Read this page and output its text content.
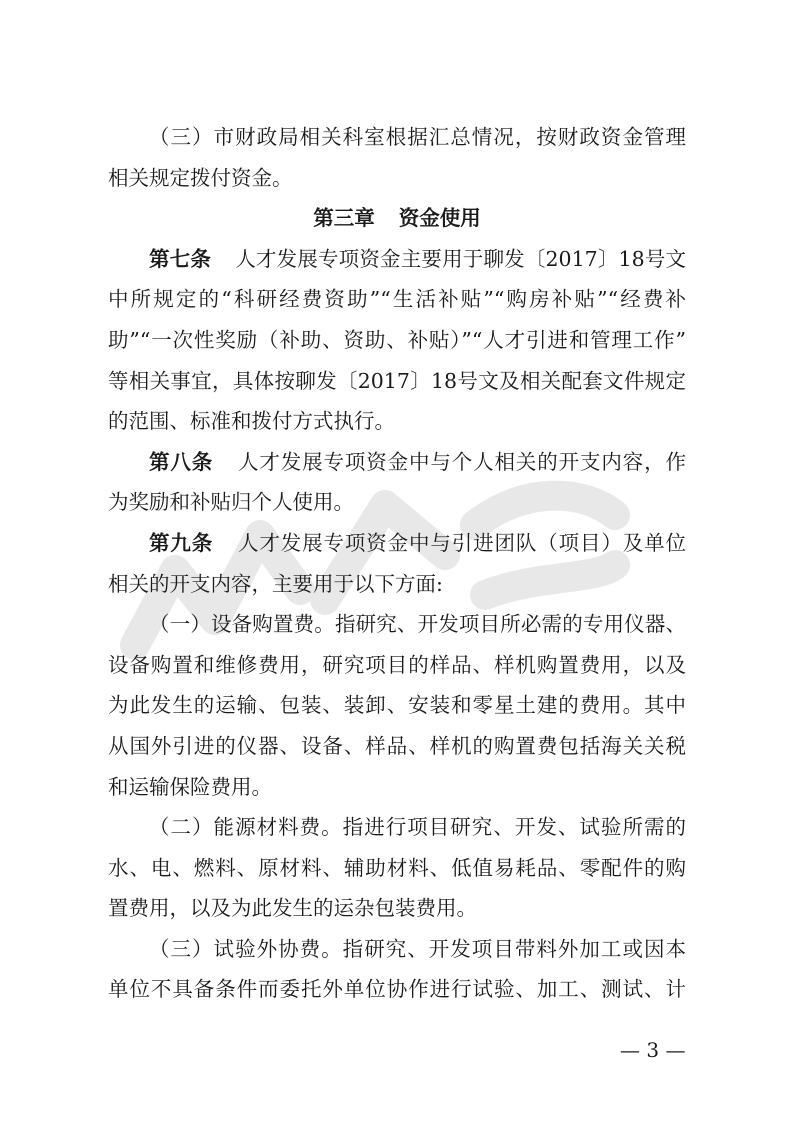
（三）市财政局相关科室根据汇总情况，按财政资金管理
相关规定拨付资金。
第三章 资金使用
第七条 人才发展专项资金主要用于聊发〔2017〕18号文
中所规定的“科研经费资助”“生活补贴”“购房补贴”“经费补
助”“一次性奖励（补助、资助、补贴）”“人才引进和管理工作”
等相关事宜，具体按聊发〔2017〕18号文及相关配套文件规定
的范围、标准和拨付方式执行。
第八条 人才发展专项资金中与个人相关的开支内容，作
为奖励和补贴归个人使用。
第九条 人才发展专项资金中与引进团队（项目）及单位
相关的开支内容，主要用于以下方面:
（一）设备购置费。指研究、开发项目所必需的专用仪器、
设备购置和维修费用，研究项目的样品、样机购置费用，以及
为此发生的运输、包装、装卸、安装和零星土建的费用。其中
从国外引进的仪器、设备、样品、样机的购置费包括海关关税
和运输保险费用。
（二）能源材料费。指进行项目研究、开发、试验所需的
水、电、燃料、原材料、辅助材料、低值易耗品、零配件的购
置费用，以及为此发生的运杂包装费用。
（三）试验外协费。指研究、开发项目带料外加工或因本
单位不具备条件而委托外单位协作进行试验、加工、测试、计
— 3 —
